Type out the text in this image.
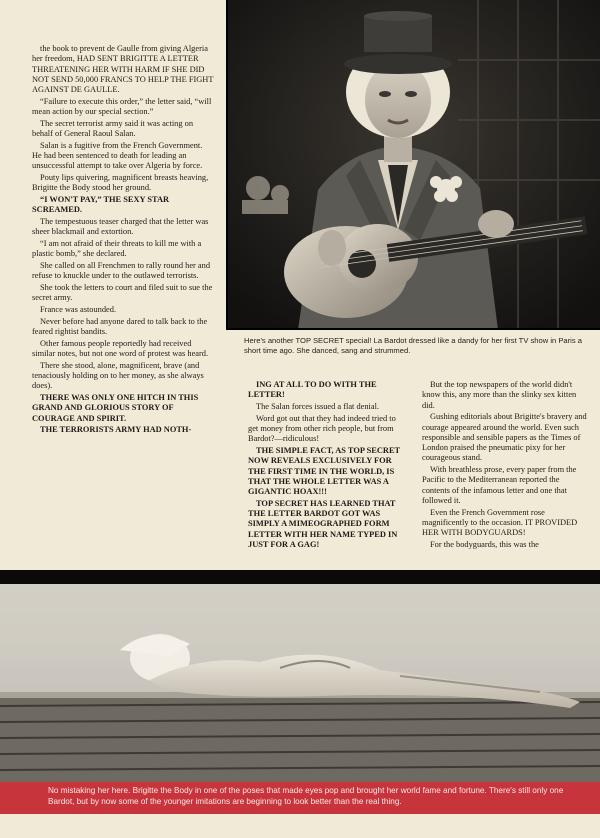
the book to prevent de Gaulle from giving Algeria her freedom, HAD SENT BRIGITTE A LETTER THREATENING HER WITH HARM IF SHE DID NOT SEND 50,000 FRANCS TO HELP THE FIGHT AGAINST DE GAULLE.

“Failure to execute this order,” the letter said, “will mean action by our special section.”

The secret terrorist army said it was acting on behalf of General Raoul Salan.

Salan is a fugitive from the French Government. He had been sentenced to death for leading an unsuccessful attempt to take over Algeria by force.

Pouty lips quivering, magnificent breasts heaving, Brigitte the Body stood her ground.

“I WON'T PAY,” THE SEXY STAR SCREAMED.

The tempestuous teaser charged that the letter was sheer blackmail and extortion.

“I am not afraid of their threats to kill me with a plastic bomb,” she declared.

She called on all Frenchmen to rally round her and refuse to knuckle under to the outlawed terrorists.

She took the letters to court and filed suit to sue the secret army.

France was astounded.

Never before had anyone dared to talk back to the feared rightist bandits.

Other famous people reportedly had received similar notes, but not one word of protest was heard.

There she stood, alone, magnificent, brave (and tenaciously holding on to her money, as she always does).

THERE WAS ONLY ONE HITCH IN THIS GRAND AND GLORIOUS STORY OF COURAGE AND SPIRIT.

THE TERRORISTS ARMY HAD NOTH-

Here's another TOP SECRET special! La Bardot dressed like a dandy for her first TV show in Paris a short time ago. She danced, sang and strummed.

ING AT ALL TO DO WITH THE LETTER!

The Salan forces issued a flat denial.

Word got out that they had indeed tried to get money from other rich people, but from Bardot?—ridiculous!

THE SIMPLE FACT, AS TOP SECRET NOW REVEALS EXCLUSIVELY FOR THE FIRST TIME IN THE WORLD, IS THAT THE WHOLE LETTER WAS A GIGANTIC HOAX!!!

TOP SECRET HAS LEARNED THAT THE LETTER BARDOT GOT WAS SIMPLY A MIMEOGRAPHED FORM LETTER WITH HER NAME TYPED IN JUST FOR A GAG!

But the top newspapers of the world didn't know this, any more than the slinky sex kitten did.

Gushing editorials about Brigitte's bravery and courage appeared around the world. Even such responsible and sensible papers as the Times of London praised the pneumatic pixy for her courageous stand.

With breathless prose, every paper from the Pacific to the Mediterranean reported the contents of the infamous letter and one that followed it.

Even the French Government rose magnificently to the occasion. IT PROVIDED HER WITH BODYGUARDS!

For the bodyguards, this was the

No mistaking her here. Brigitte the Body in one of the poses that made eyes pop and brought her world fame and fortune. There's still only one Bardot, but by now some of the younger imitations are beginning to look better than the real thing.
